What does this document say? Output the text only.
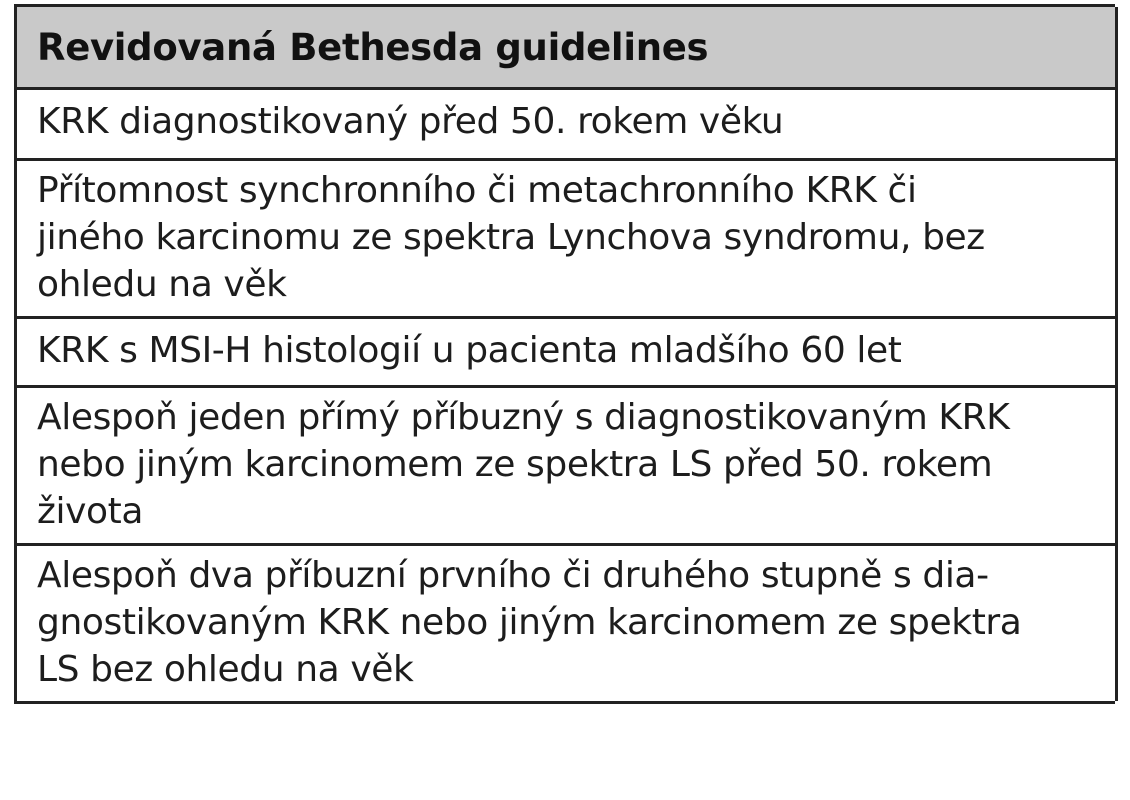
Revidovaná Bethesda guidelines
KRK diagnostikovaný před 50. rokem věku
Přítomnost synchronního či metachronního KRK či
jiného karcinomu ze spektra Lynchova syndromu, bez
ohledu na věk
KRK s MSI-H histologií u pacienta mladšího 60 let
Alespoň jeden přímý příbuzný s diagnostikovaným KRK
nebo jiným karcinomem ze spektra LS před 50. rokem
života
Alespoň dva příbuzní prvního či druhého stupně s dia-
gnostikovaným KRK nebo jiným karcinomem ze spektra
LS bez ohledu na věk
